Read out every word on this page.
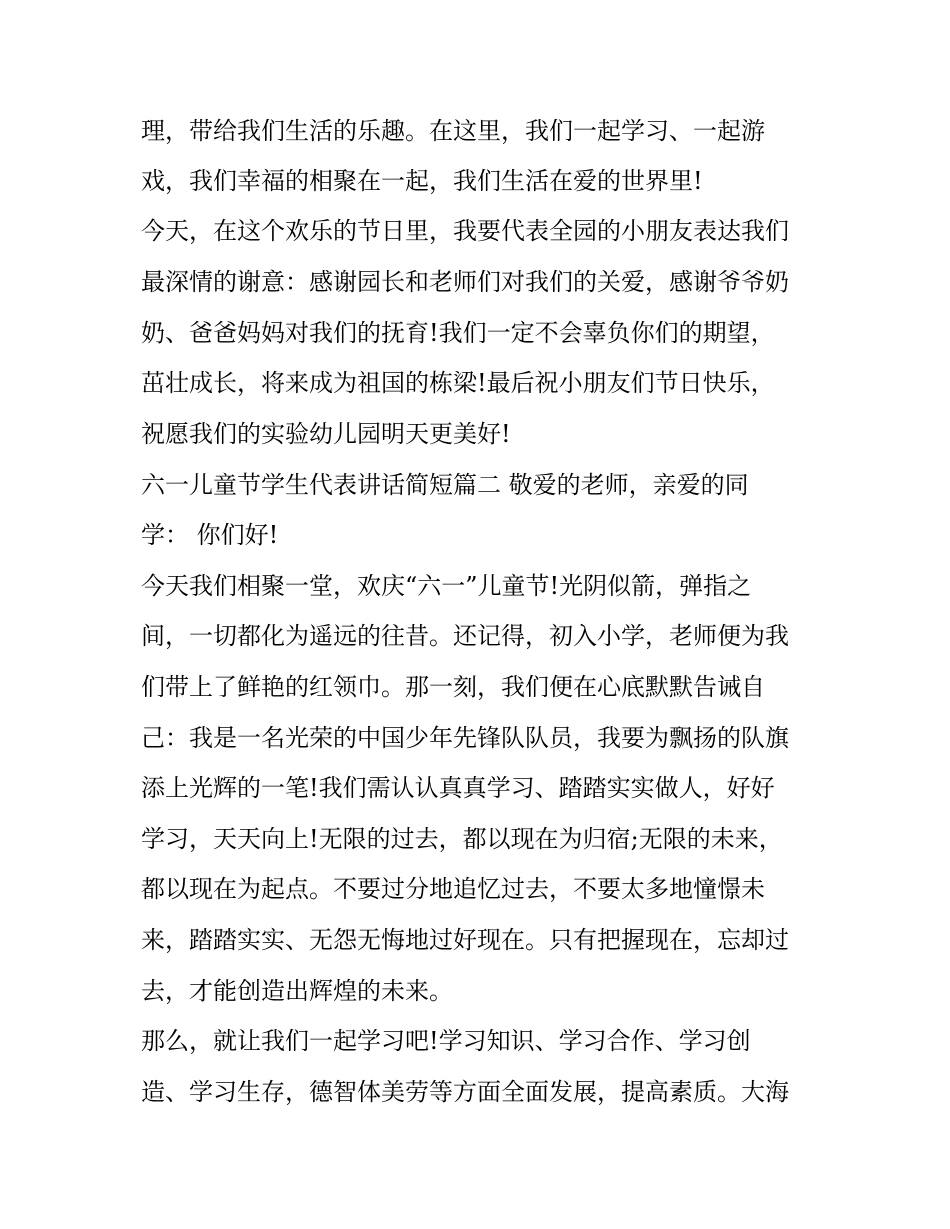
理，带给我们生活的乐趣。在这里，我们一起学习、一起游
戏，我们幸福的相聚在一起，我们生活在爱的世界里!
今天，在这个欢乐的节日里，我要代表全园的小朋友表达我们
最深情的谢意：感谢园长和老师们对我们的关爱，感谢爷爷奶
奶、爸爸妈妈对我们的抚育!我们一定不会辜负你们的期望，
茁壮成长，将来成为祖国的栋梁!最后祝小朋友们节日快乐，
祝愿我们的实验幼儿园明天更美好!
六一儿童节学生代表讲话简短篇二 敬爱的老师，亲爱的同
学： 你们好!
今天我们相聚一堂，欢庆“六一”儿童节!光阴似箭，弹指之
间，一切都化为遥远的往昔。还记得，初入小学，老师便为我
们带上了鲜艳的红领巾。那一刻，我们便在心底默默告诫自
己：我是一名光荣的中国少年先锋队队员，我要为飘扬的队旗
添上光辉的一笔!我们需认认真真学习、踏踏实实做人，好好
学习，天天向上!无限的过去，都以现在为归宿;无限的未来，
都以现在为起点。不要过分地追忆过去，不要太多地憧憬未
来，踏踏实实、无怨无悔地过好现在。只有把握现在，忘却过
去，才能创造出辉煌的未来。
那么，就让我们一起学习吧!学习知识、学习合作、学习创
造、学习生存，德智体美劳等方面全面发展，提高素质。大海
